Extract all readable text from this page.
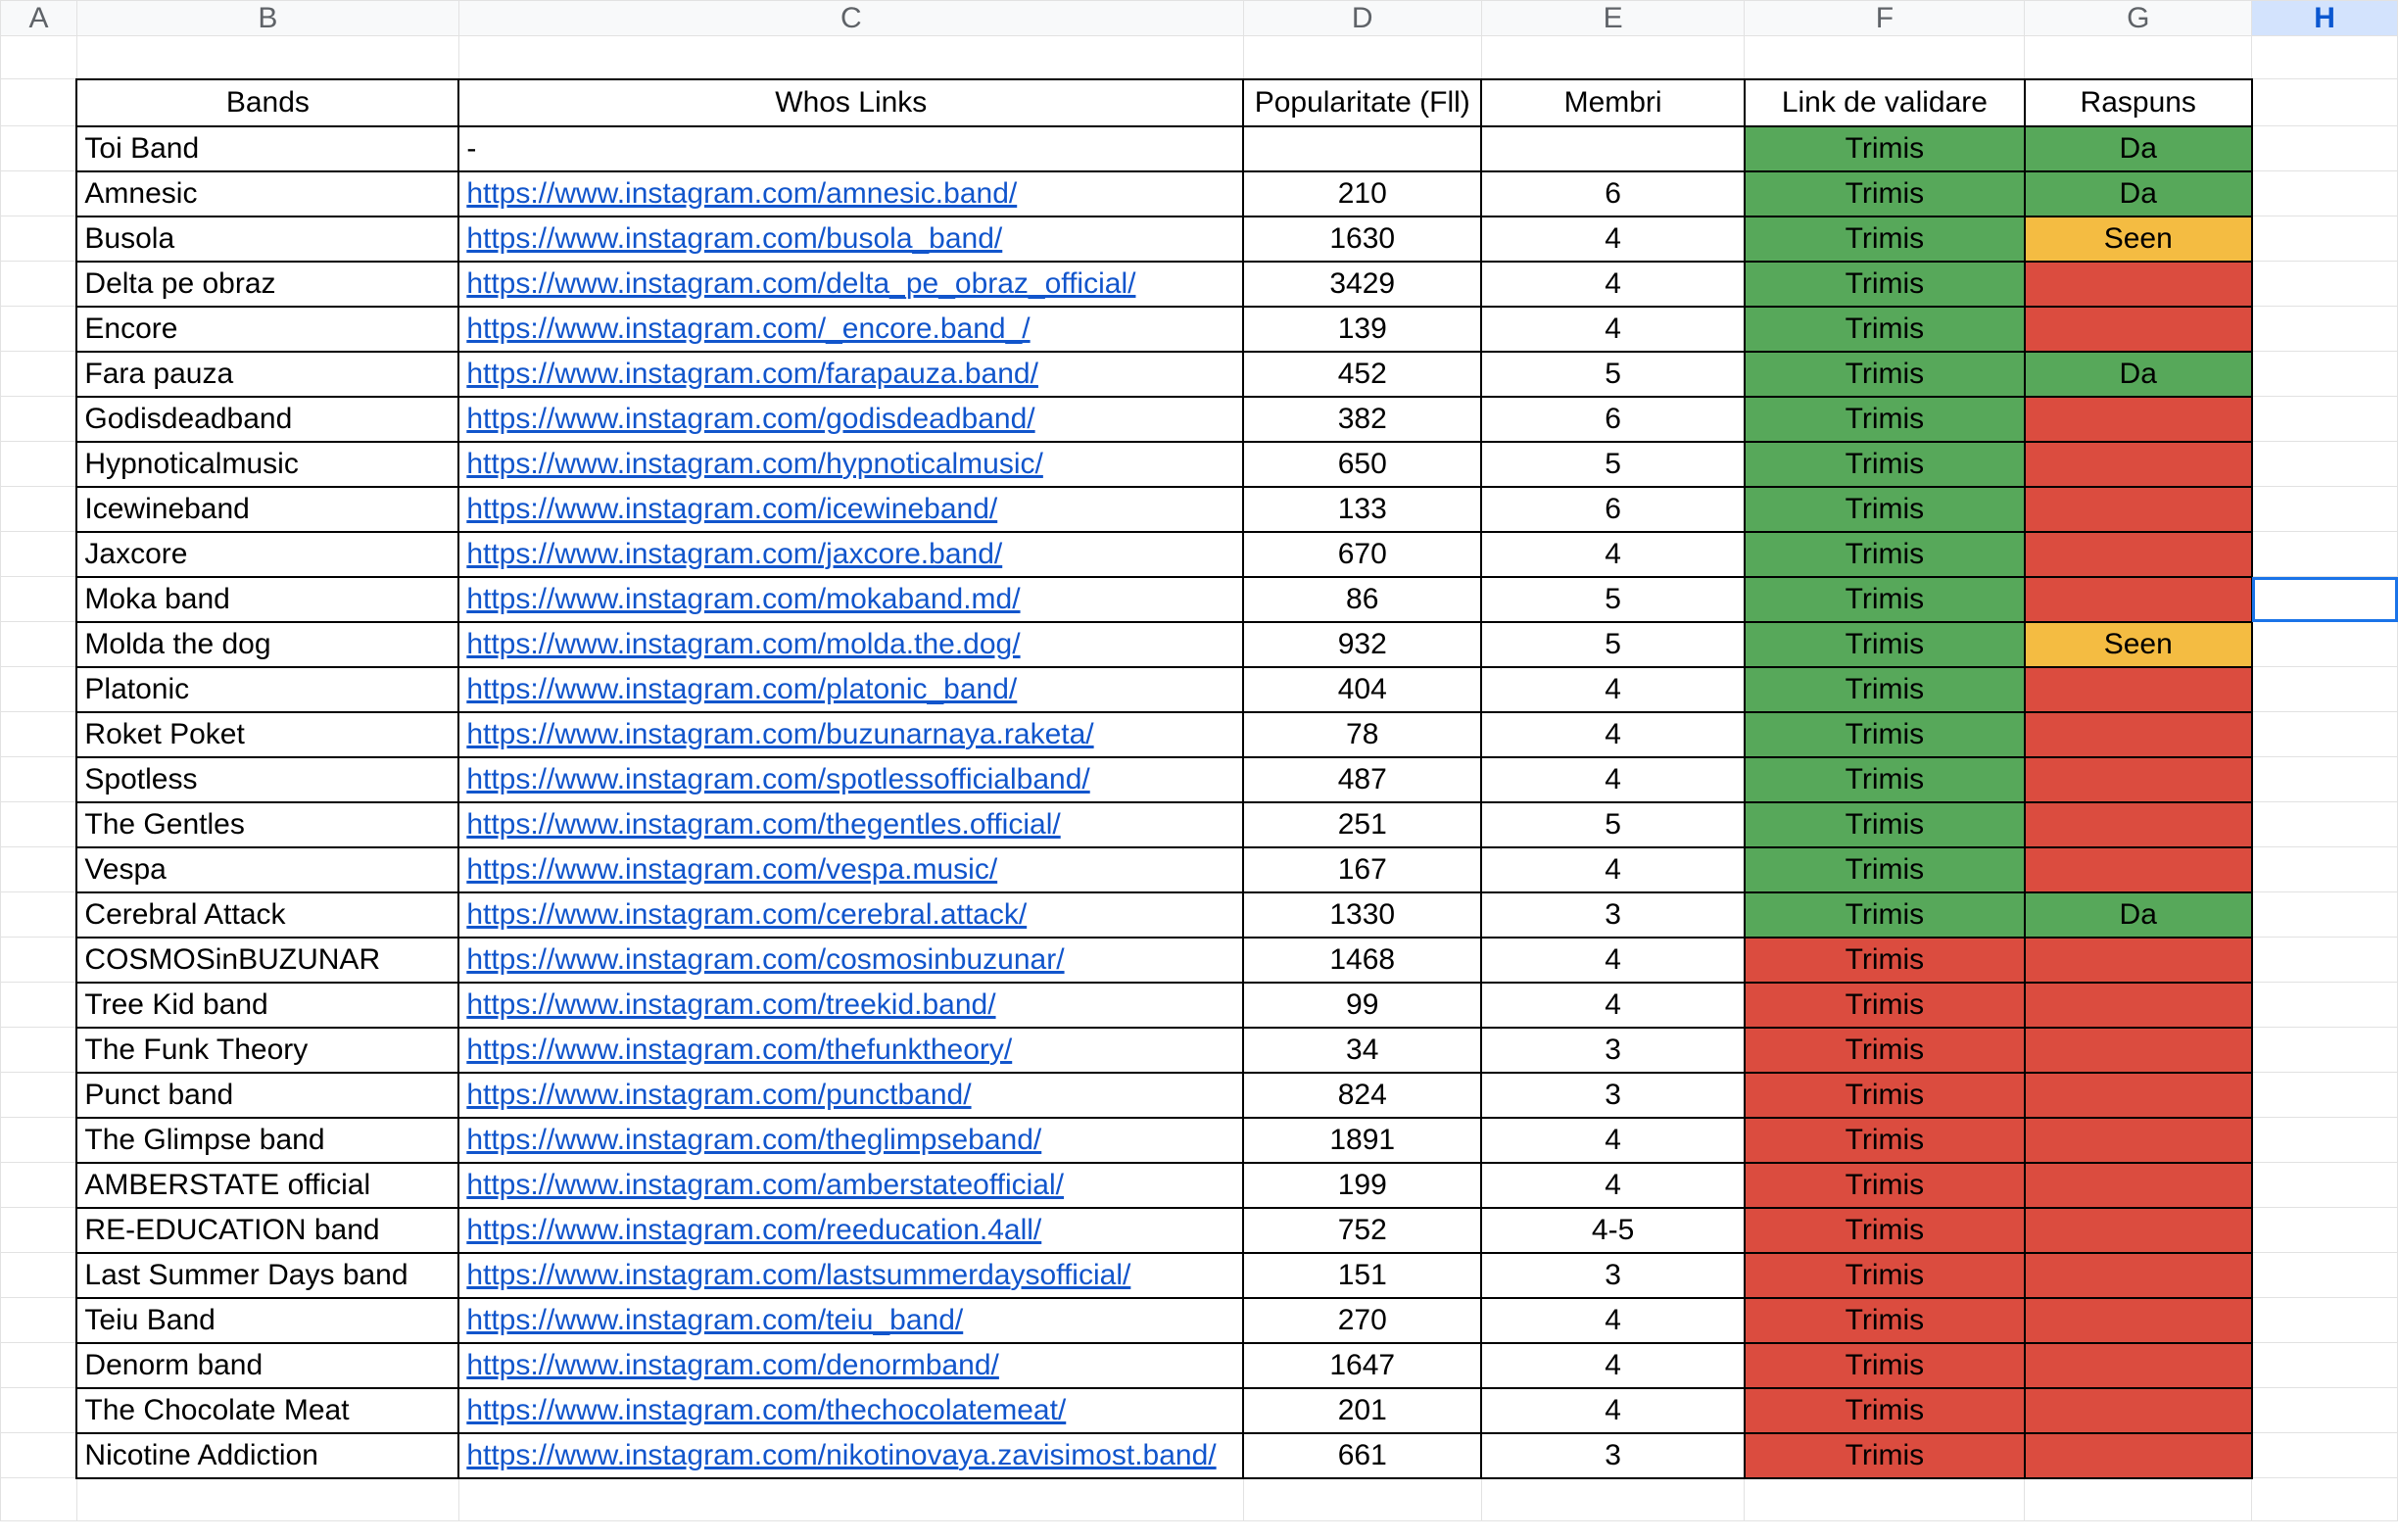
A	B	C	D	E	F	G	H

	Bands	Whos Links	Popularitate (Fll)	Membri	Link de validare	Raspuns	
	Toi Band	-			Trimis	Da	
	Amnesic	https://www.instagram.com/amnesic.band/	210	6	Trimis	Da	
	Busola	https://www.instagram.com/busola_band/	1630	4	Trimis	Seen	
	Delta pe obraz	https://www.instagram.com/delta_pe_obraz_official/	3429	4	Trimis		
	Encore	https://www.instagram.com/_encore.band_/	139	4	Trimis		
	Fara pauza	https://www.instagram.com/farapauza.band/	452	5	Trimis	Da	
	Godisdeadband	https://www.instagram.com/godisdeadband/	382	6	Trimis		
	Hypnoticalmusic	https://www.instagram.com/hypnoticalmusic/	650	5	Trimis		
	Icewineband	https://www.instagram.com/icewineband/	133	6	Trimis		
	Jaxcore	https://www.instagram.com/jaxcore.band/	670	4	Trimis		
	Moka band	https://www.instagram.com/mokaband.md/	86	5	Trimis		
	Molda the dog	https://www.instagram.com/molda.the.dog/	932	5	Trimis	Seen	
	Platonic	https://www.instagram.com/platonic_band/	404	4	Trimis		
	Roket Poket	https://www.instagram.com/buzunarnaya.raketa/	78	4	Trimis		
	Spotless	https://www.instagram.com/spotlessofficialband/	487	4	Trimis		
	The Gentles	https://www.instagram.com/thegentles.official/	251	5	Trimis		
	Vespa	https://www.instagram.com/vespa.music/	167	4	Trimis		
	Cerebral Attack	https://www.instagram.com/cerebral.attack/	1330	3	Trimis	Da	
	COSMOSinBUZUNAR	https://www.instagram.com/cosmosinbuzunar/	1468	4	Trimis		
	Tree Kid band	https://www.instagram.com/treekid.band/	99	4	Trimis		
	The Funk Theory	https://www.instagram.com/thefunktheory/	34	3	Trimis		
	Punct band	https://www.instagram.com/punctband/	824	3	Trimis		
	The Glimpse band	https://www.instagram.com/theglimpseband/	1891	4	Trimis		
	AMBERSTATE official	https://www.instagram.com/amberstateofficial/	199	4	Trimis		
	RE-EDUCATION band	https://www.instagram.com/reeducation.4all/	752	4-5	Trimis		
	Last Summer Days band	https://www.instagram.com/lastsummerdaysofficial/	151	3	Trimis		
	Teiu Band	https://www.instagram.com/teiu_band/	270	4	Trimis		
	Denorm band	https://www.instagram.com/denormband/	1647	4	Trimis		
	The Chocolate Meat	https://www.instagram.com/thechocolatemeat/	201	4	Trimis		
	Nicotine Addiction	https://www.instagram.com/nikotinovaya.zavisimost.band/	661	3	Trimis		
